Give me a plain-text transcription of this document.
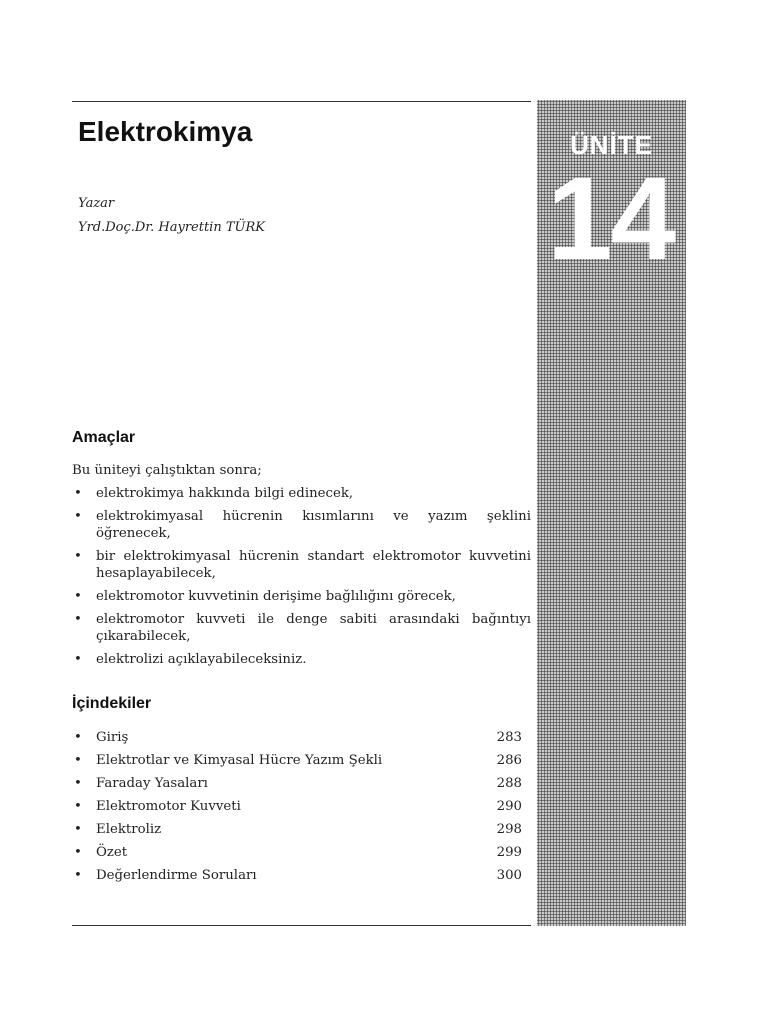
ÜNİTE
14
Elektrokimya
Yazar
Yrd.Doç.Dr. Hayrettin TÜRK
Amaçlar
Bu üniteyi çalıştıktan sonra;
• elektrokimya hakkında bilgi edinecek,
• elektrokimyasal hücrenin kısımlarını ve yazım şeklini öğrenecek,
• bir elektrokimyasal hücrenin standart elektromotor kuvvetini hesaplayabilecek,
• elektromotor kuvvetinin derişime bağlılığını görecek,
• elektromotor kuvveti ile denge sabiti arasındaki bağıntıyı çıkarabilecek,
• elektrolizi açıklayabileceksiniz.
İçindekiler
• Giriş	283
• Elektrotlar ve Kimyasal Hücre Yazım Şekli	286
• Faraday Yasaları	288
• Elektromotor Kuvveti	290
• Elektroliz	298
• Özet	299
• Değerlendirme Soruları	300
